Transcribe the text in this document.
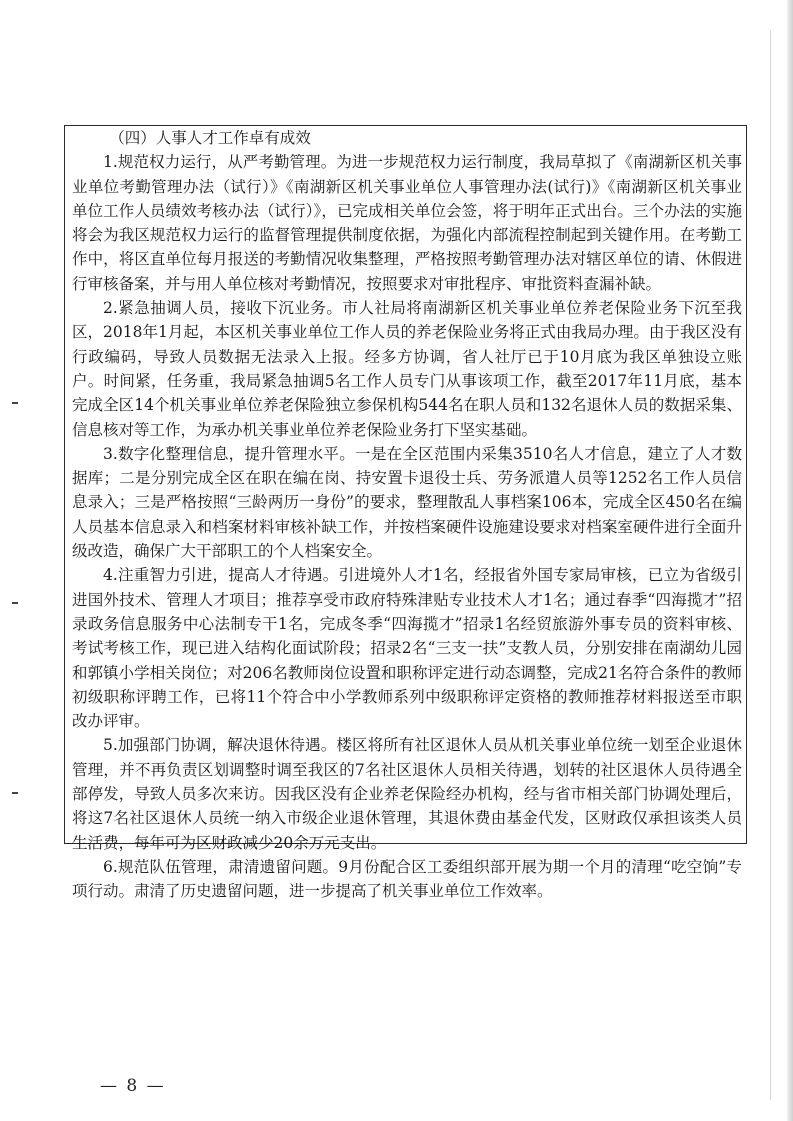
（四）人事人才工作卓有成效

1.规范权力运行，从严考勤管理。为进一步规范权力运行制度，我局草拟了《南湖新区机关事业单位考勤管理办法（试行）》《南湖新区机关事业单位人事管理办法(试行)》《南湖新区机关事业单位工作人员绩效考核办法（试行）》，已完成相关单位会签，将于明年正式出台。三个办法的实施将会为我区规范权力运行的监督管理提供制度依据，为强化内部流程控制起到关键作用。在考勤工作中，将区直单位每月报送的考勤情况收集整理，严格按照考勤管理办法对辖区单位的请、休假进行审核备案，并与用人单位核对考勤情况，按照要求对审批程序、审批资料查漏补缺。

2.紧急抽调人员，接收下沉业务。市人社局将南湖新区机关事业单位养老保险业务下沉至我区，2018年1月起，本区机关事业单位工作人员的养老保险业务将正式由我局办理。由于我区没有行政编码，导致人员数据无法录入上报。经多方协调，省人社厅已于10月底为我区单独设立账户。时间紧，任务重，我局紧急抽调5名工作人员专门从事该项工作，截至2017年11月底，基本完成全区14个机关事业单位养老保险独立参保机构544名在职人员和132名退休人员的数据采集、信息核对等工作，为承办机关事业单位养老保险业务打下坚实基础。

3.数字化整理信息，提升管理水平。一是在全区范围内采集3510名人才信息，建立了人才数据库；二是分别完成全区在职在编在岗、持安置卡退役士兵、劳务派遣人员等1252名工作人员信息录入；三是严格按照“三龄两历一身份”的要求，整理散乱人事档案106本，完成全区450名在编人员基本信息录入和档案材料审核补缺工作，并按档案硬件设施建设要求对档案室硬件进行全面升级改造，确保广大干部职工的个人档案安全。

4.注重智力引进，提高人才待遇。引进境外人才1名，经报省外国专家局审核，已立为省级引进国外技术、管理人才项目；推荐享受市政府特殊津贴专业技术人才1名；通过春季“四海揽才”招录政务信息服务中心法制专干1名，完成冬季“四海揽才”招录1名经贸旅游外事专员的资料审核、考试考核工作，现已进入结构化面试阶段；招录2名“三支一扶”支教人员，分别安排在南湖幼儿园和郭镇小学相关岗位；对206名教师岗位设置和职称评定进行动态调整，完成21名符合条件的教师初级职称评聘工作，已将11个符合中小学教师系列中级职称评定资格的教师推荐材料报送至市职改办评审。

5.加强部门协调，解决退休待遇。楼区将所有社区退休人员从机关事业单位统一划至企业退休管理，并不再负责区划调整时调至我区的7名社区退休人员相关待遇，划转的社区退休人员待遇全部停发，导致人员多次来访。因我区没有企业养老保险经办机构，经与省市相关部门协调处理后，将这7名社区退休人员统一纳入市级企业退休管理，其退休费由基金代发，区财政仅承担该类人员生活费，每年可为区财政减少20余万元支出。

6.规范队伍管理，肃清遗留问题。9月份配合区工委组织部开展为期一个月的清理“吃空饷”专项行动。肃清了历史遗留问题，进一步提高了机关事业单位工作效率。

— 8 —
